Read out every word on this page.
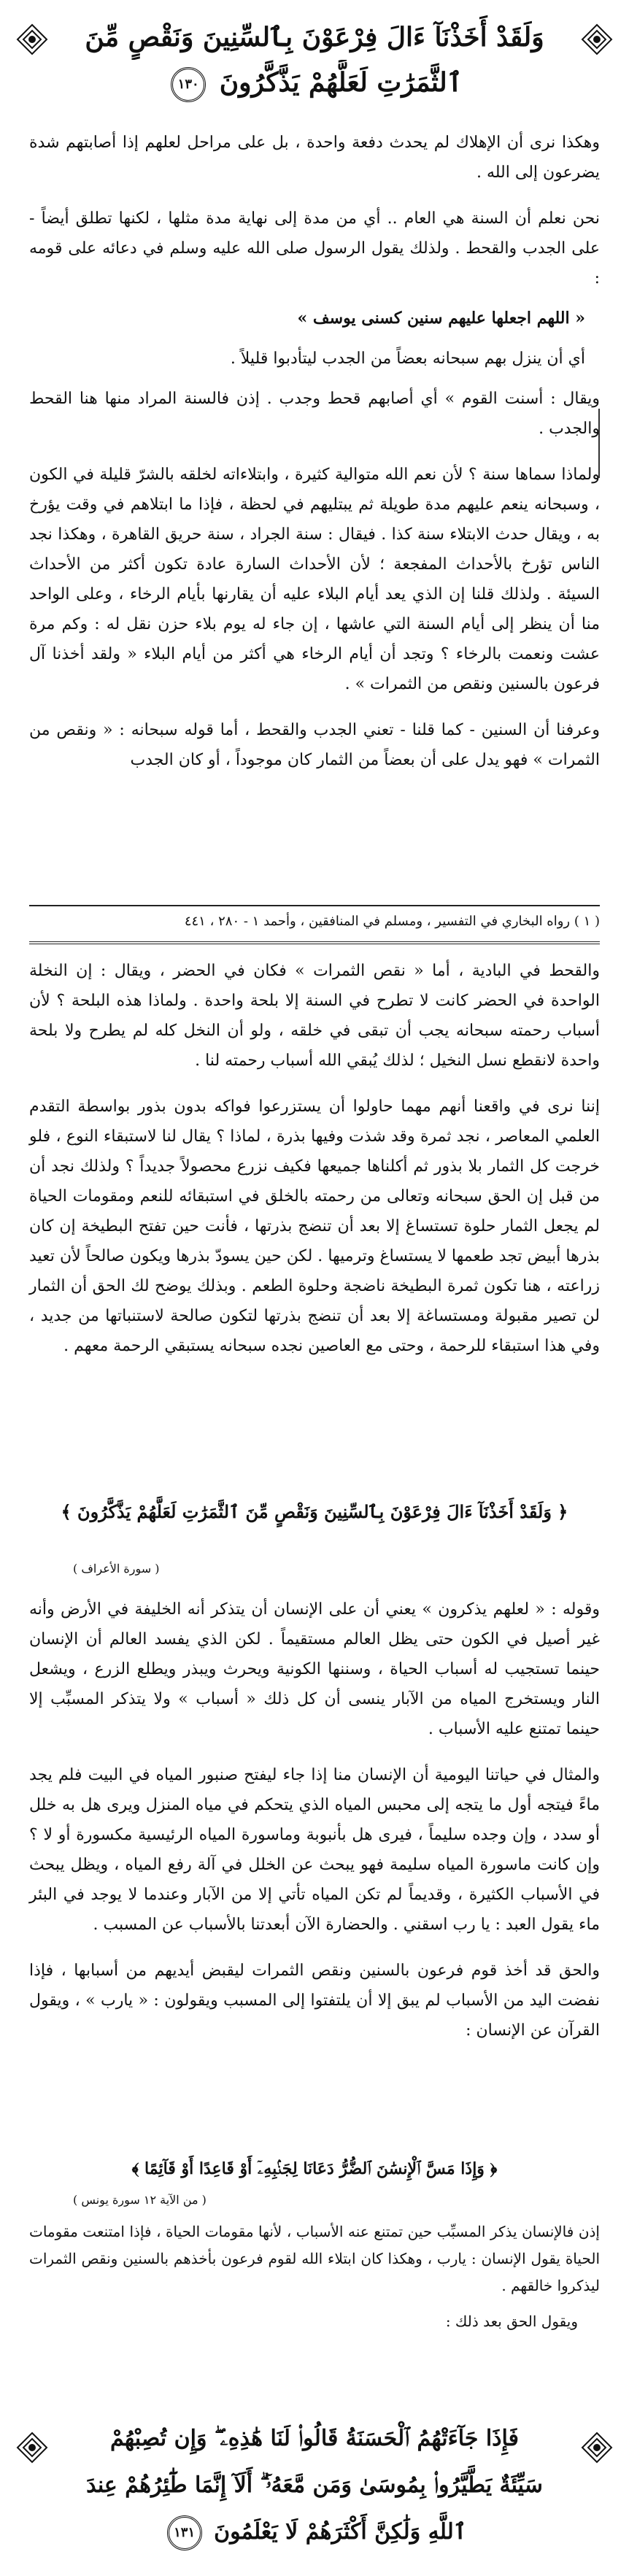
وَلَقَدْ أَخَذْنَآ ءَالَ فِرْعَوْنَ بِٱلسِّنِينَ وَنَقْصٍ مِّنَ
ٱلثَّمَرَٰتِ لَعَلَّهُمْ يَذَّكَّرُونَ ١٣٠

وهكذا نرى أن الإهلاك لم يحدث دفعة واحدة ، بل على مراحل لعلهم إذا أصابتهم شدة يضرعون إلى الله .

نحن نعلم أن السنة هي العام .. أي من مدة إلى نهاية مدة مثلها ، لكنها تطلق أيضاً - على الجدب والقحط . ولذلك يقول الرسول صلى الله عليه وسلم في دعائه على قومه :

« اللهم اجعلها عليهم سنين كسنى يوسف »

أي أن ينزل بهم سبحانه بعضاً من الجدب ليتأدبوا قليلاً .

ويقال : أسنت القوم » أي أصابهم قحط وجدب . إذن فالسنة المراد منها هنا القحط والجدب .

ولماذا سماها سنة ؟ لأن نعم الله متوالية كثيرة ، وابتلاءاته لخلقه بالشرّ قليلة في الكون ، وسبحانه ينعم عليهم مدة طويلة ثم يبتليهم في لحظة ، فإذا ما ابتلاهم في وقت يؤرخ به ، ويقال حدث الابتلاء سنة كذا . فيقال : سنة الجراد ، سنة حريق القاهرة ، وهكذا نجد الناس تؤرخ بالأحداث المفجعة ؛ لأن الأحداث السارة عادة تكون أكثر من الأحداث السيئة . ولذلك قلنا إن الذي يعد أيام البلاء عليه أن يقارنها بأيام الرخاء ، وعلى الواحد منا أن ينظر إلى أيام السنة التي عاشها ، إن جاء له يوم بلاء حزن نقل له : وكم مرة عشت ونعمت بالرخاء ؟ وتجد أن أيام الرخاء هي أكثر من أيام البلاء « ولقد أخذنا آل فرعون بالسنين ونقص من الثمرات » .

وعرفنا أن السنين - كما قلنا - تعني الجدب والقحط ، أما قوله سبحانه : « ونقص من الثمرات » فهو يدل على أن بعضاً من الثمار كان موجوداً ، أو كان الجدب

( ١ ) رواه البخاري في التفسير ، ومسلم في المنافقين ، وأحمد ١ - ٢٨٠ ، ٤٤١

والقحط في البادية ، أما « نقص الثمرات » فكان في الحضر ، ويقال : إن النخلة الواحدة في الحضر كانت لا تطرح في السنة إلا بلحة واحدة . ولماذا هذه البلحة ؟ لأن أسباب رحمته سبحانه يجب أن تبقى في خلقه ، ولو أن النخل كله لم يطرح ولا بلحة واحدة لانقطع نسل النخيل ؛ لذلك يُبقي الله أسباب رحمته لنا .

إننا نرى في واقعنا أنهم مهما حاولوا أن يستزرعوا فواكه بدون بذور بواسطة التقدم العلمي المعاصر ، نجد ثمرة وقد شذت وفيها بذرة ، لماذا ؟ يقال لنا لاستبقاء النوع ، فلو خرجت كل الثمار بلا بذور ثم أكلناها جميعها فكيف نزرع محصولاً جديداً ؟ ولذلك نجد أن من قبل إن الحق سبحانه وتعالى من رحمته بالخلق في استبقائه للنعم ومقومات الحياة لم يجعل الثمار حلوة تستساغ إلا بعد أن تنضج بذرتها ، فأنت حين تفتح البطيخة إن كان بذرها أبيض تجد طعمها لا يستساغ وترميها . لكن حين يسودّ بذرها ويكون صالحاً لأن تعيد زراعته ، هنا تكون ثمرة البطيخة ناضجة وحلوة الطعم . وبذلك يوضح لك الحق أن الثمار لن تصير مقبولة ومستساغة إلا بعد أن تنضج بذرتها لتكون صالحة لاستنباتها من جديد ، وفي هذا استبقاء للرحمة ، وحتى مع العاصين نجده سبحانه يستبقي الرحمة معهم .

﴿ وَلَقَدْ أَخَذْنَآ ءَالَ فِرْعَوْنَ بِٱلسِّنِينَ وَنَقْصٍ مِّنَ ٱلثَّمَرَٰتِ لَعَلَّهُمْ يَذَّكَّرُونَ ﴾
( سورة الأعراف )

وقوله : « لعلهم يذكرون » يعني أن على الإنسان أن يتذكر أنه الخليفة في الأرض وأنه غير أصيل في الكون حتى يظل العالم مستقيماً . لكن الذي يفسد العالم أن الإنسان حينما تستجيب له أسباب الحياة ، وسننها الكونية ويحرث ويبذر ويطلع الزرع ، ويشعل النار ويستخرج المياه من الآبار ينسى أن كل ذلك « أسباب » ولا يتذكر المسبِّب إلا حينما تمتنع عليه الأسباب .

والمثال في حياتنا اليومية أن الإنسان منا إذا جاء ليفتح صنبور المياه في البيت فلم يجد ماءً فيتجه أول ما يتجه إلى محبس المياه الذي يتحكم في مياه المنزل ويرى هل به خلل أو سدد ، وإن وجده سليماً ، فيرى هل بأنبوبة وماسورة المياه الرئيسية مكسورة أو لا ؟ وإن كانت ماسورة المياه سليمة فهو يبحث عن الخلل في آلة رفع المياه ، ويظل يبحث في الأسباب الكثيرة ، وقديماً لم تكن المياه تأتي إلا من الآبار وعندما لا يوجد في البئر ماء يقول العبد : يا رب اسقني . والحضارة الآن أبعدتنا بالأسباب عن المسبب .

والحق قد أخذ قوم فرعون بالسنين ونقص الثمرات ليقبض أيديهم من أسبابها ، فإذا نفضت اليد من الأسباب لم يبق إلا أن يلتفتوا إلى المسبب ويقولون : « يارب » ، ويقول القرآن عن الإنسان :

﴿ وَإِذَا مَسَّ ٱلْإِنسَٰنَ ٱلضُّرُّ دَعَانَا لِجَنۢبِهِۦٓ أَوْ قَاعِدًا أَوْ قَآئِمًا ﴾
( من الآية ١٢ سورة يونس )

إذن فالإنسان يذكر المسبِّب حين تمتنع عنه الأسباب ، لأنها مقومات الحياة ، فإذا امتنعت مقومات الحياة يقول الإنسان : يارب ، وهكذا كان ابتلاء الله لقوم فرعون بأخذهم بالسنين ونقص الثمرات ليذكروا خالقهم .

ويقول الحق بعد ذلك :

فَإِذَا جَآءَتْهُمُ ٱلْحَسَنَةُ قَالُوا۟ لَنَا هَٰذِهِۦ ۖ وَإِن تُصِبْهُمْ
سَيِّئَةٌ يَطَّيَّرُوا۟ بِمُوسَىٰ وَمَن مَّعَهُۥٓ ۗ أَلَآ إِنَّمَا طَٰٓئِرُهُمْ عِندَ
ٱللَّهِ وَلَٰكِنَّ أَكْثَرَهُمْ لَا يَعْلَمُونَ ١٣١
